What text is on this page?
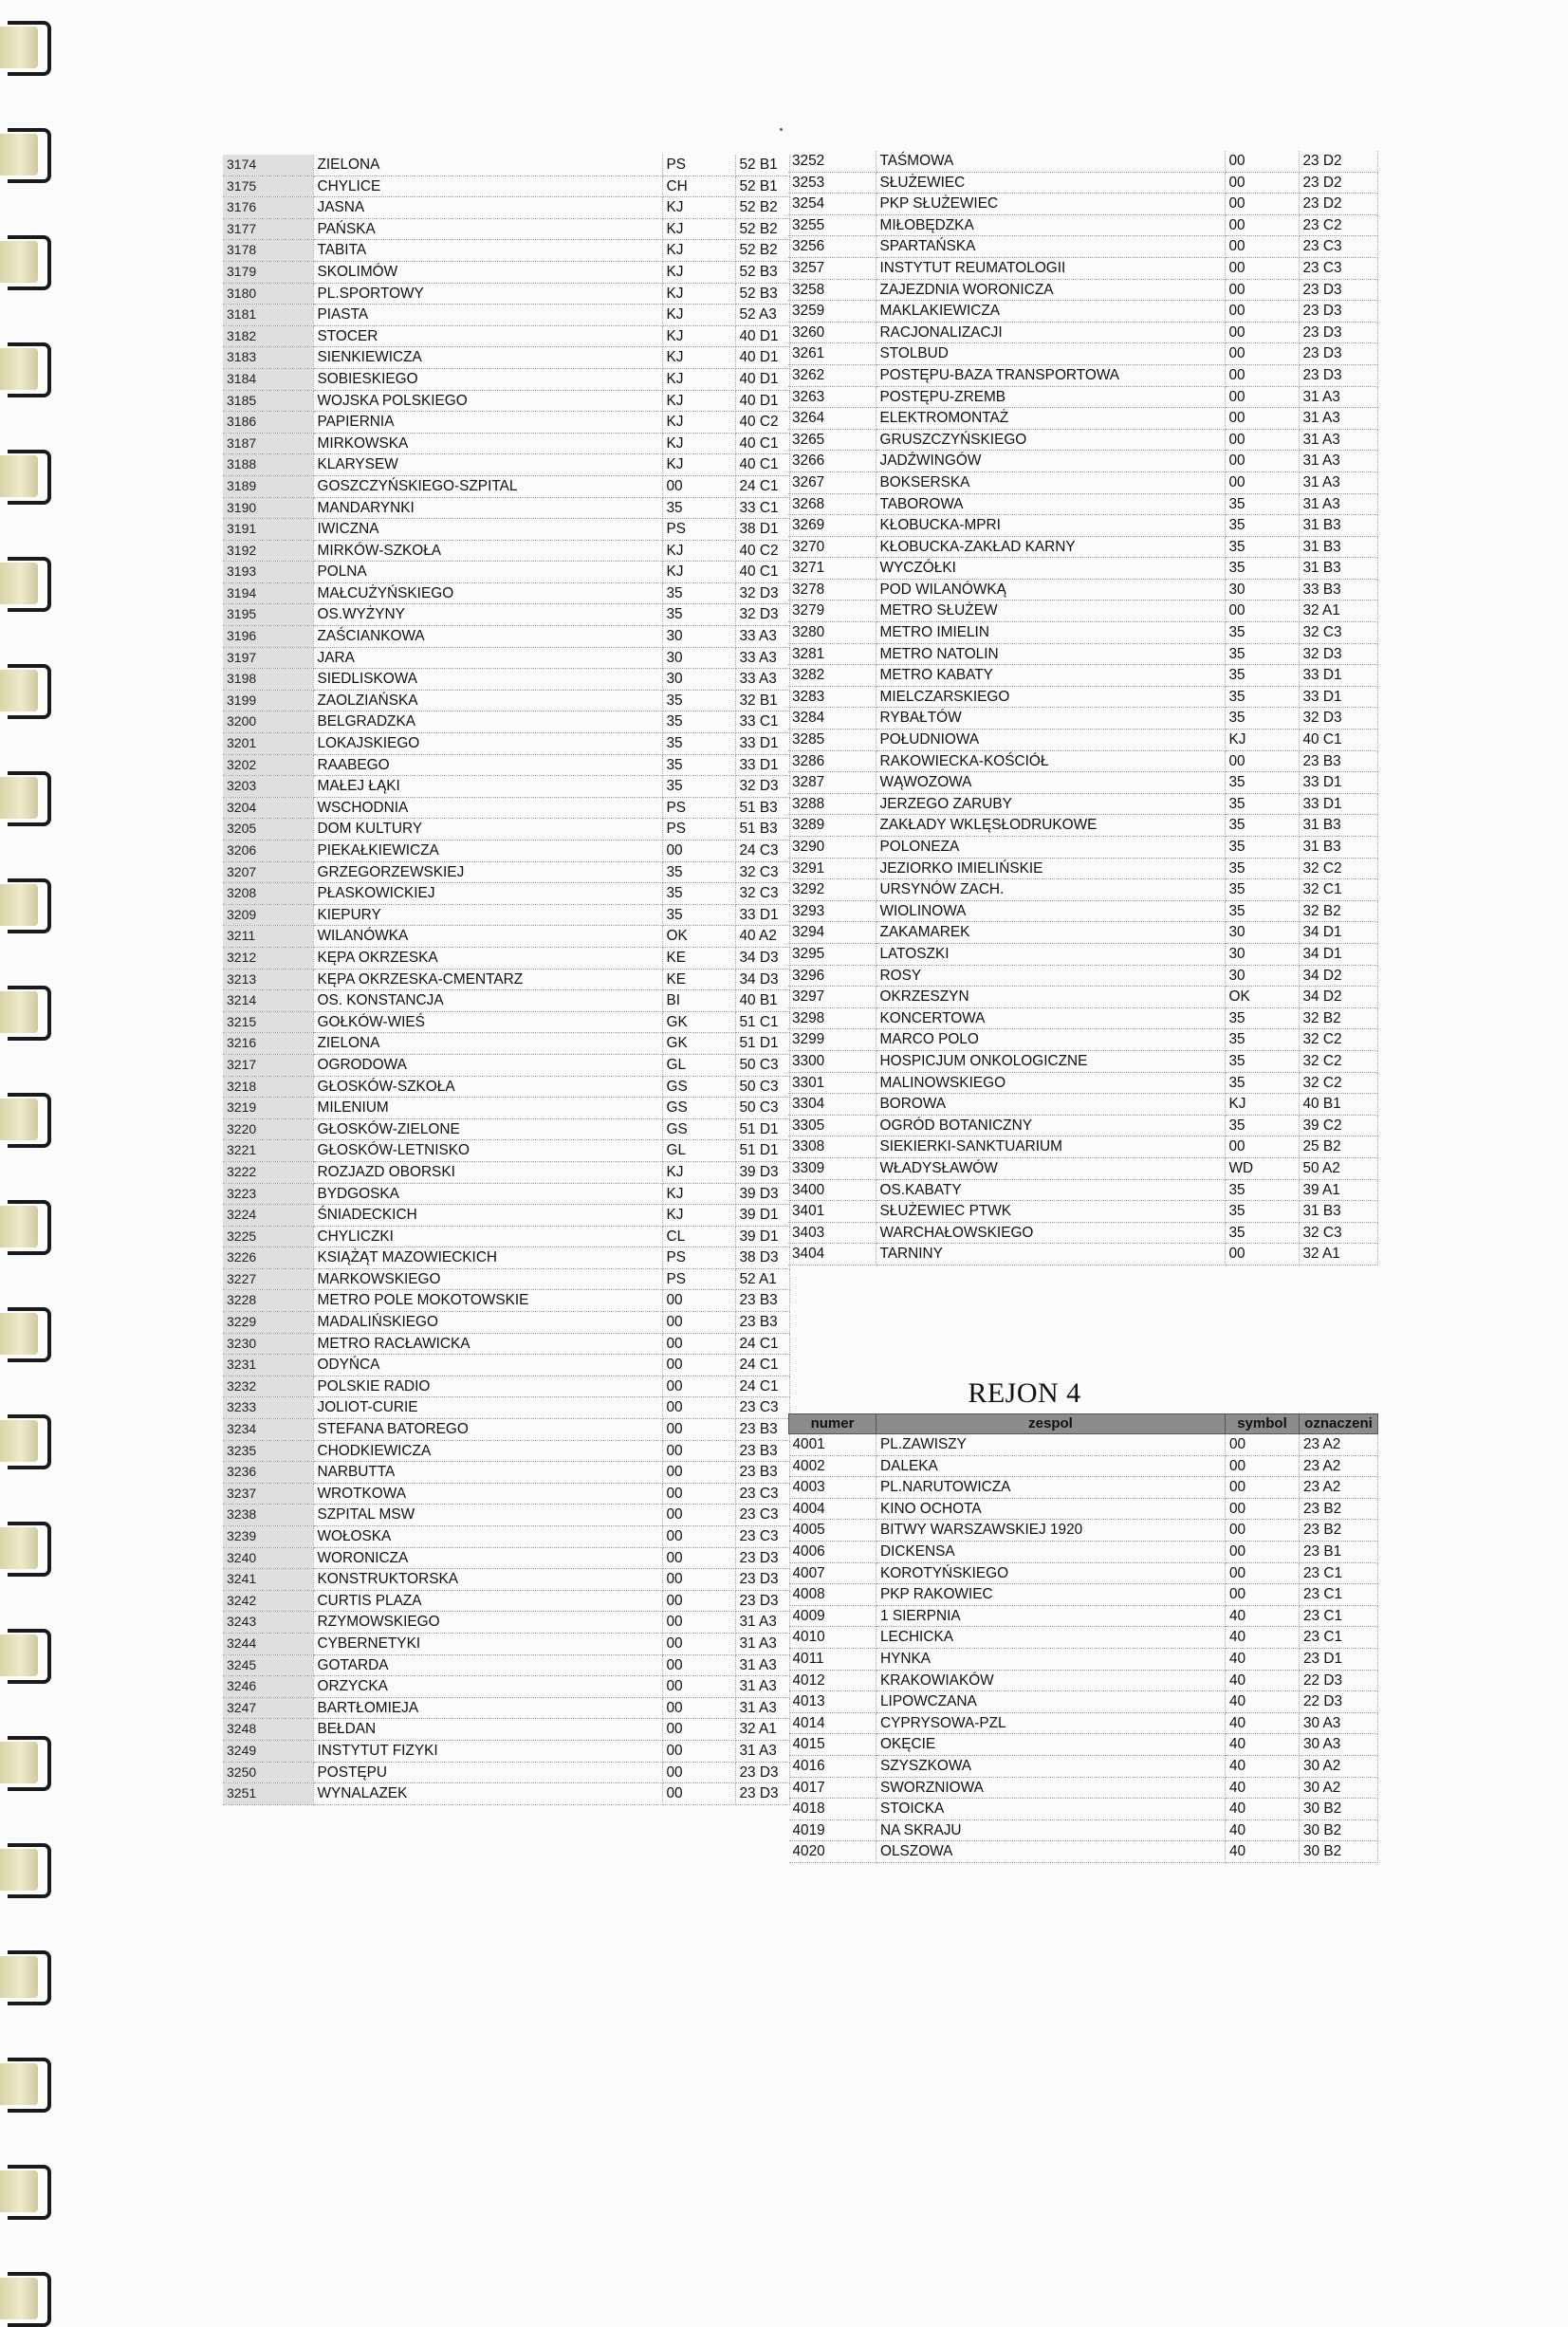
3174	ZIELONA	PS	52 B1
3175	CHYLICE	CH	52 B1
3176	JASNA	KJ	52 B2
3177	PAŃSKA	KJ	52 B2
3178	TABITA	KJ	52 B2
3179	SKOLIMÓW	KJ	52 B3
3180	PL.SPORTOWY	KJ	52 B3
3181	PIASTA	KJ	52 A3
3182	STOCER	KJ	40 D1
3183	SIENKIEWICZA	KJ	40 D1
3184	SOBIESKIEGO	KJ	40 D1
3185	WOJSKA POLSKIEGO	KJ	40 D1
3186	PAPIERNIA	KJ	40 C2
3187	MIRKOWSKA	KJ	40 C1
3188	KLARYSEW	KJ	40 C1
3189	GOSZCZYŃSKIEGO-SZPITAL	00	24 C1
3190	MANDARYNKI	35	33 C1
3191	IWICZNA	PS	38 D1
3192	MIRKÓW-SZKOŁA	KJ	40 C2
3193	POLNA	KJ	40 C1
3194	MAŁCUŻYŃSKIEGO	35	32 D3
3195	OS.WYŻYNY	35	32 D3
3196	ZAŚCIANKOWA	30	33 A3
3197	JARA	30	33 A3
3198	SIEDLISKOWA	30	33 A3
3199	ZAOLZIAŃSKA	35	32 B1
3200	BELGRADZKA	35	33 C1
3201	LOKAJSKIEGO	35	33 D1
3202	RAABEGO	35	33 D1
3203	MAŁEJ ŁĄKI	35	32 D3
3204	WSCHODNIA	PS	51 B3
3205	DOM KULTURY	PS	51 B3
3206	PIEKAŁKIEWICZA	00	24 C3
3207	GRZEGORZEWSKIEJ	35	32 C3
3208	PŁASKOWICKIEJ	35	32 C3
3209	KIEPURY	35	33 D1
3211	WILANÓWKA	OK	40 A2
3212	KĘPA OKRZESKA	KE	34 D3
3213	KĘPA OKRZESKA-CMENTARZ	KE	34 D3
3214	OS. KONSTANCJA	BI	40 B1
3215	GOŁKÓW-WIEŚ	GK	51 C1
3216	ZIELONA	GK	51 D1
3217	OGRODOWA	GL	50 C3
3218	GŁOSKÓW-SZKOŁA	GS	50 C3
3219	MILENIUM	GS	50 C3
3220	GŁOSKÓW-ZIELONE	GS	51 D1
3221	GŁOSKÓW-LETNISKO	GL	51 D1
3222	ROZJAZD OBORSKI	KJ	39 D3
3223	BYDGOSKA	KJ	39 D3
3224	ŚNIADECKICH	KJ	39 D1
3225	CHYLICZKI	CL	39 D1
3226	KSIĄŻĄT MAZOWIECKICH	PS	38 D3
3227	MARKOWSKIEGO	PS	52 A1
3228	METRO POLE MOKOTOWSKIE	00	23 B3
3229	MADALIŃSKIEGO	00	23 B3
3230	METRO RACŁAWICKA	00	24 C1
3231	ODYŃCA	00	24 C1
3232	POLSKIE RADIO	00	24 C1
3233	JOLIOT-CURIE	00	23 C3
3234	STEFANA BATOREGO	00	23 B3
3235	CHODKIEWICZA	00	23 B3
3236	NARBUTTA	00	23 B3
3237	WROTKOWA	00	23 C3
3238	SZPITAL MSW	00	23 C3
3239	WOŁOSKA	00	23 C3
3240	WORONICZA	00	23 D3
3241	KONSTRUKTORSKA	00	23 D3
3242	CURTIS PLAZA	00	23 D3
3243	RZYMOWSKIEGO	00	31 A3
3244	CYBERNETYKI	00	31 A3
3245	GOTARDA	00	31 A3
3246	ORZYCKA	00	31 A3
3247	BARTŁOMIEJA	00	31 A3
3248	BEŁDAN	00	32 A1
3249	INSTYTUT FIZYKI	00	31 A3
3250	POSTĘPU	00	23 D3
3251	WYNALAZEK	00	23 D3
3252	TAŚMOWA	00	23 D2
3253	SŁUŻEWIEC	00	23 D2
3254	PKP SŁUŻEWIEC	00	23 D2
3255	MIŁOBĘDZKA	00	23 C2
3256	SPARTAŃSKA	00	23 C3
3257	INSTYTUT REUMATOLOGII	00	23 C3
3258	ZAJEZDNIA WORONICZA	00	23 D3
3259	MAKLAKIEWICZA	00	23 D3
3260	RACJONALIZACJI	00	23 D3
3261	STOLBUD	00	23 D3
3262	POSTĘPU-BAZA TRANSPORTOWA	00	23 D3
3263	POSTĘPU-ZREMB	00	31 A3
3264	ELEKTROMONTAŻ	00	31 A3
3265	GRUSZCZYŃSKIEGO	00	31 A3
3266	JADŹWINGÓW	00	31 A3
3267	BOKSERSKA	00	31 A3
3268	TABOROWA	35	31 A3
3269	KŁOBUCKA-MPRI	35	31 B3
3270	KŁOBUCKA-ZAKŁAD KARNY	35	31 B3
3271	WYCZÓŁKI	35	31 B3
3278	POD WILANÓWKĄ	30	33 B3
3279	METRO SŁUŻEW	00	32 A1
3280	METRO IMIELIN	35	32 C3
3281	METRO NATOLIN	35	32 D3
3282	METRO KABATY	35	33 D1
3283	MIELCZARSKIEGO	35	33 D1
3284	RYBAŁTÓW	35	32 D3
3285	POŁUDNIOWA	KJ	40 C1
3286	RAKOWIECKA-KOŚCIÓŁ	00	23 B3
3287	WĄWOZOWA	35	33 D1
3288	JERZEGO ZARUBY	35	33 D1
3289	ZAKŁADY WKLĘSŁODRUKOWE	35	31 B3
3290	POLONEZA	35	31 B3
3291	JEZIORKO IMIELIŃSKIE	35	32 C2
3292	URSYNÓW ZACH.	35	32 C1
3293	WIOLINOWA	35	32 B2
3294	ZAKAMAREK	30	34 D1
3295	LATOSZKI	30	34 D1
3296	ROSY	30	34 D2
3297	OKRZESZYN	OK	34 D2
3298	KONCERTOWA	35	32 B2
3299	MARCO POLO	35	32 C2
3300	HOSPICJUM ONKOLOGICZNE	35	32 C2
3301	MALINOWSKIEGO	35	32 C2
3304	BOROWA	KJ	40 B1
3305	OGRÓD BOTANICZNY	35	39 C2
3308	SIEKIERKI-SANKTUARIUM	00	25 B2
3309	WŁADYSŁAWÓW	WD	50 A2
3400	OS.KABATY	35	39 A1
3401	SŁUŻEWIEC PTWK	35	31 B3
3403	WARCHAŁOWSKIEGO	35	32 C3
3404	TARNINY	00	32 A1
REJON 4
numer	zespol	symbol	oznaczeni
4001	PL.ZAWISZY	00	23 A2
4002	DALEKA	00	23 A2
4003	PL.NARUTOWICZA	00	23 A2
4004	KINO OCHOTA	00	23 B2
4005	BITWY WARSZAWSKIEJ 1920	00	23 B2
4006	DICKENSA	00	23 B1
4007	KOROTYŃSKIEGO	00	23 C1
4008	PKP RAKOWIEC	00	23 C1
4009	1 SIERPNIA	40	23 C1
4010	LECHICKA	40	23 C1
4011	HYNKA	40	23 D1
4012	KRAKOWIAKÓW	40	22 D3
4013	LIPOWCZANA	40	22 D3
4014	CYPRYSOWA-PZL	40	30 A3
4015	OKĘCIE	40	30 A3
4016	SZYSZKOWA	40	30 A2
4017	SWORZNIOWA	40	30 A2
4018	STOICKA	40	30 B2
4019	NA SKRAJU	40	30 B2
4020	OLSZOWA	40	30 B2
